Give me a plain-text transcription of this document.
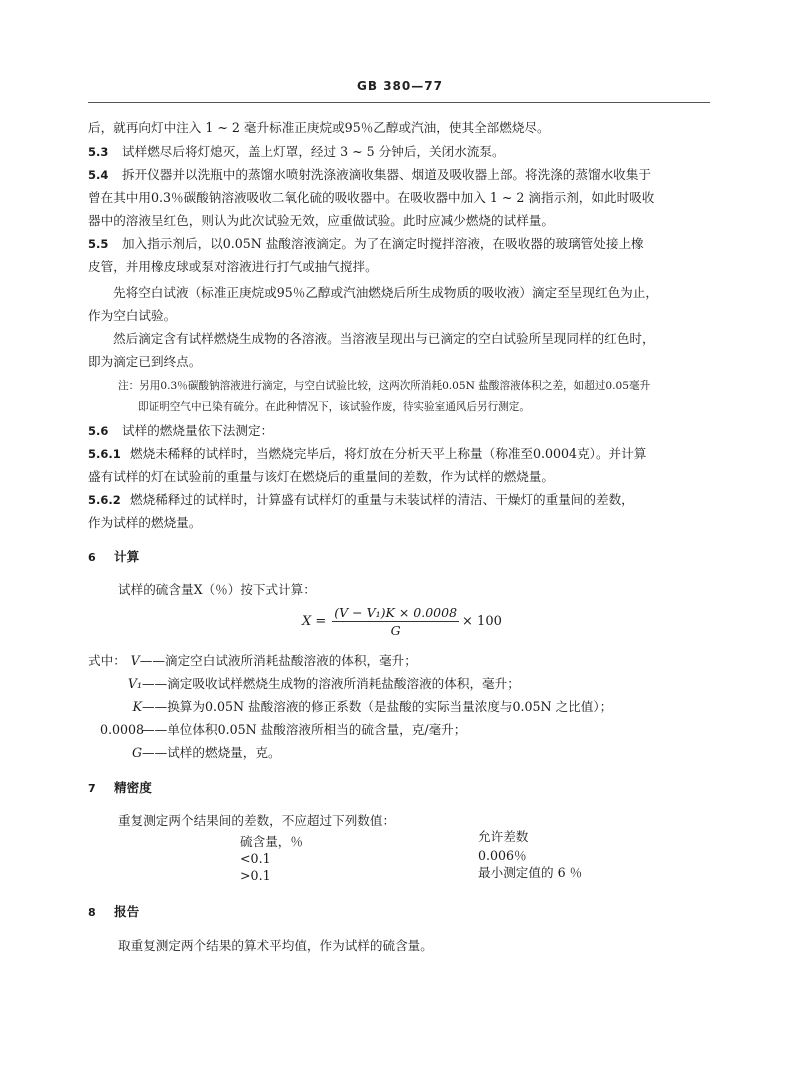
GB 380—77
后，就再向灯中注入 1 ~ 2 毫升标准正庚烷或95％乙醇或汽油，使其全部燃烧尽。
5.3 试样燃尽后将灯熄灭，盖上灯罩，经过 3 ~ 5 分钟后，关闭水流泵。
5.4 拆开仪器并以洗瓶中的蒸馏水喷射洗涤液滴收集器、烟道及吸收器上部。将洗涤的蒸馏水收集于
曾在其中用0.3％碳酸钠溶液吸收二氧化硫的吸收器中。在吸收器中加入 1 ~ 2 滴指示剂，如此时吸收
器中的溶液呈红色，则认为此次试验无效，应重做试验。此时应减少燃烧的试样量。
5.5 加入指示剂后，以0.05N 盐酸溶液滴定。为了在滴定时搅拌溶液，在吸收器的玻璃管处接上橡
皮管，并用橡皮球或泵对溶液进行打气或抽气搅拌。
先将空白试液（标准正庚烷或95％乙醇或汽油燃烧后所生成物质的吸收液）滴定至呈现红色为止，
作为空白试验。
然后滴定含有试样燃烧生成物的各溶液。当溶液呈现出与已滴定的空白试验所呈现同样的红色时，
即为滴定已到终点。
注：另用0.3％碳酸钠溶液进行滴定，与空白试验比较，这两次所消耗0.05N 盐酸溶液体积之差，如超过0.05毫升
即证明空气中已染有硫分。在此种情况下，该试验作废，待实验室通风后另行测定。
5.6 试样的燃烧量依下法测定：
5.6.1 燃烧未稀释的试样时，当燃烧完毕后，将灯放在分析天平上称量（称准至0.0004克）。并计算
盛有试样的灯在试验前的重量与该灯在燃烧后的重量间的差数，作为试样的燃烧量。
5.6.2 燃烧稀释过的试样时，计算盛有试样灯的重量与未装试样的清洁、干燥灯的重量间的差数，
作为试样的燃烧量。
6 计算
试样的硫含量X（％）按下式计算：
$X = \frac{\text{(V − V₁)K × 0.0008}}{G} \times 100$
式中： V——滴定空白试液所消耗盐酸溶液的体积，毫升；
V₁——滴定吸收试样燃烧生成物的溶液所消耗盐酸溶液的体积，毫升；
K——换算为0.05N 盐酸溶液的修正系数（是盐酸的实际当量浓度与0.05N 之比值）；
0.0008——单位体积0.05N 盐酸溶液所相当的硫含量，克/毫升；
G——试样的燃烧量，克。
7 精密度
重复测定两个结果间的差数，不应超过下列数值：
硫含量，％
<0.1
>0.1
允许差数
0.006％
最小测定值的 6 ％
8 报告
取重复测定两个结果的算术平均值，作为试样的硫含量。
